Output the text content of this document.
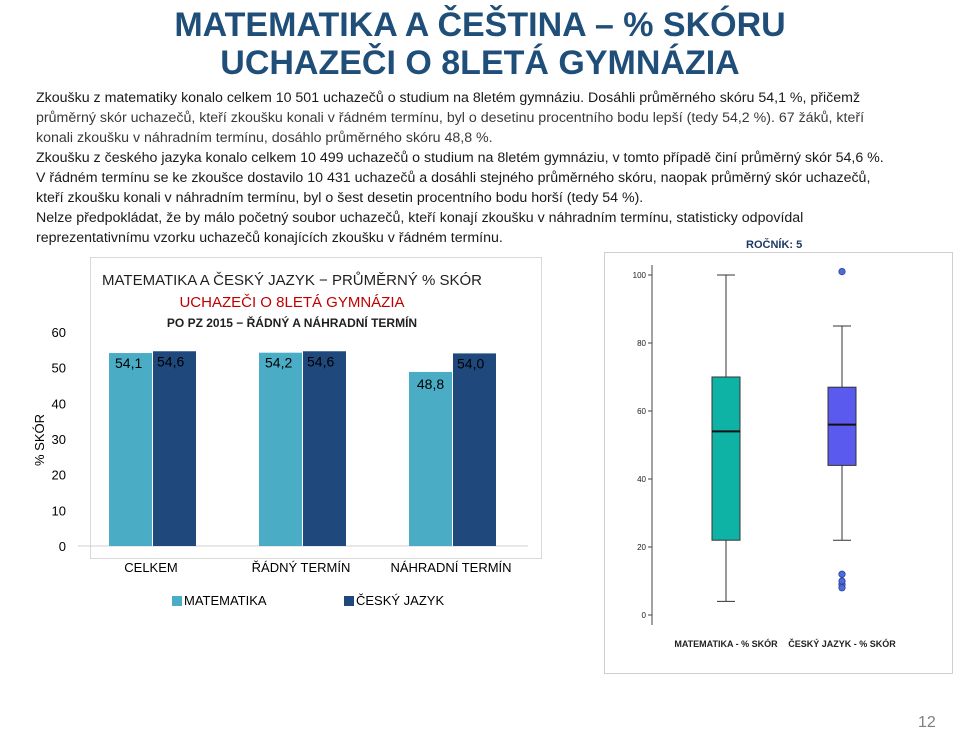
MATEMATIKA A ČEŠTINA – % SKÓRU
UCHAZEČI O 8LETÁ GYMNÁZIA

Zkoušku z matematiky konalo celkem 10 501 uchazečů o studium na 8letém gymnáziu. Dosáhli průměrného skóru 54,1 %, přičemž

průměrný skór uchazečů, kteří zkoušku konali v řádném termínu, byl o desetinu procentního bodu lepší (tedy 54,2 %). 67 žáků, kteří

konali zkoušku v náhradním termínu, dosáhlo průměrného skóru 48,8 %.

Zkoušku z českého jazyka konalo celkem 10 499 uchazečů o studium na 8letém gymnáziu, v tomto případě činí průměrný skór 54,6 %.

V řádném termínu se ke zkoušce dostavilo 10 431 uchazečů a dosáhli stejného průměrného skóru, naopak průměrný skór uchazečů,

kteří zkoušku konali v náhradním termínu, byl o šest desetin procentního bodu horší (tedy 54 %).

Nelze předpokládat, že by málo početný soubor uchazečů, kteří konají zkoušku v náhradním termínu, statisticky odpovídal

reprezentativnímu vzorku uchazečů konajících zkoušku v řádném termínu.	ROČNÍK: 5
MATEMATIKA A ČESKÝ JAZYK − PRŮMĚRNÝ % SKÓR
UCHAZEČI O 8LETÁ GYMNÁZIA
PO PZ 2015 − ŘÁDNÝ A NÁHRADNÍ TERMÍN
% SKÓR
0
10
20
30
40
50
60
54,1 54,6
CELKEM
54,2 54,6
ŘÁDNÝ TERMÍN
48,8
54,0
NÁHRADNÍ TERMÍN
MATEMATIKA	ČESKÝ JAZYK
0
20
40
60
80
100
MATEMATIKA - % SKÓR ČESKÝ JAZYK - % SKÓR
12
